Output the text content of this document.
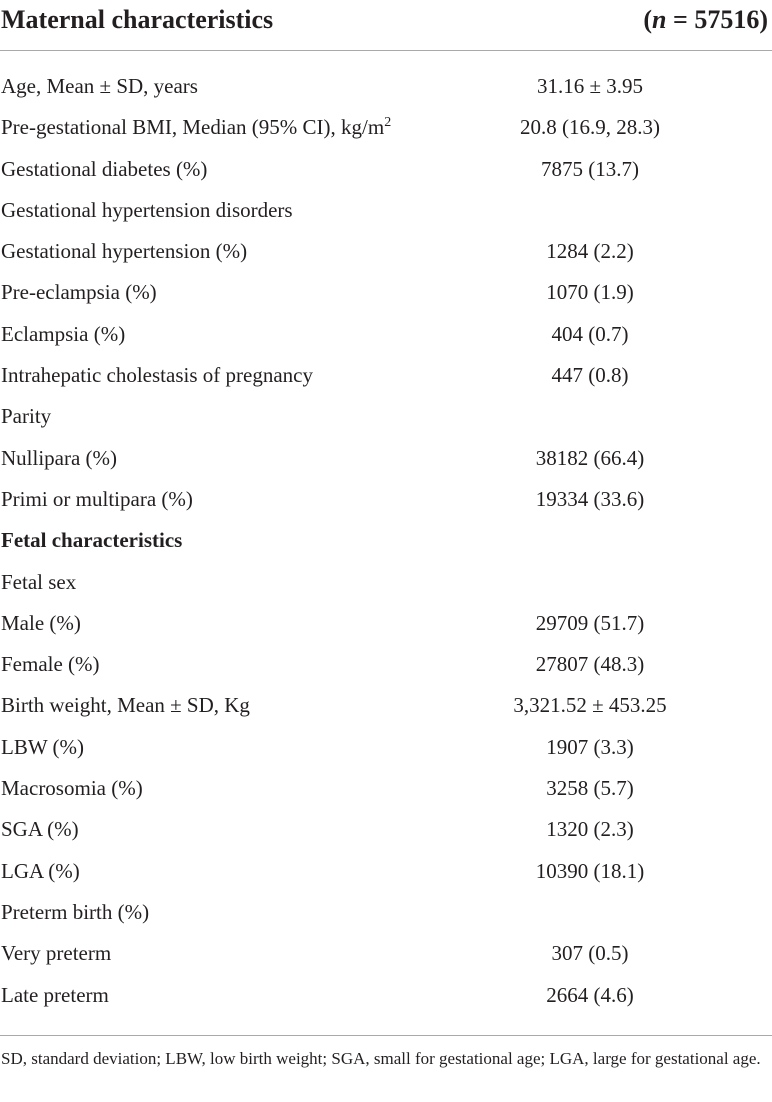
Maternal characteristics	(n = 57516)
Age, Mean ± SD, years	31.16 ± 3.95
Pre-gestational BMI, Median (95% CI), $kg/m^2$	20.8 (16.9, 28.3)
Gestational diabetes (%)	7875 (13.7)
Gestational hypertension disorders
Gestational hypertension (%)	1284 (2.2)
Pre-eclampsia (%)	1070 (1.9)
Eclampsia (%)	404 (0.7)
Intrahepatic cholestasis of pregnancy	447 (0.8)
Parity
Nullipara (%)	38182 (66.4)
Primi or multipara (%)	19334 (33.6)
Fetal characteristics
Fetal sex
Male (%)	29709 (51.7)
Female (%)	27807 (48.3)
Birth weight, Mean ± SD, Kg	3,321.52 ± 453.25
LBW (%)	1907 (3.3)
Macrosomia (%)	3258 (5.7)
SGA (%)	1320 (2.3)
LGA (%)	10390 (18.1)
Preterm birth (%)
Very preterm	307 (0.5)
Late preterm	2664 (4.6)
SD, standard deviation; LBW, low birth weight; SGA, small for gestational age; LGA, large for gestational age.
